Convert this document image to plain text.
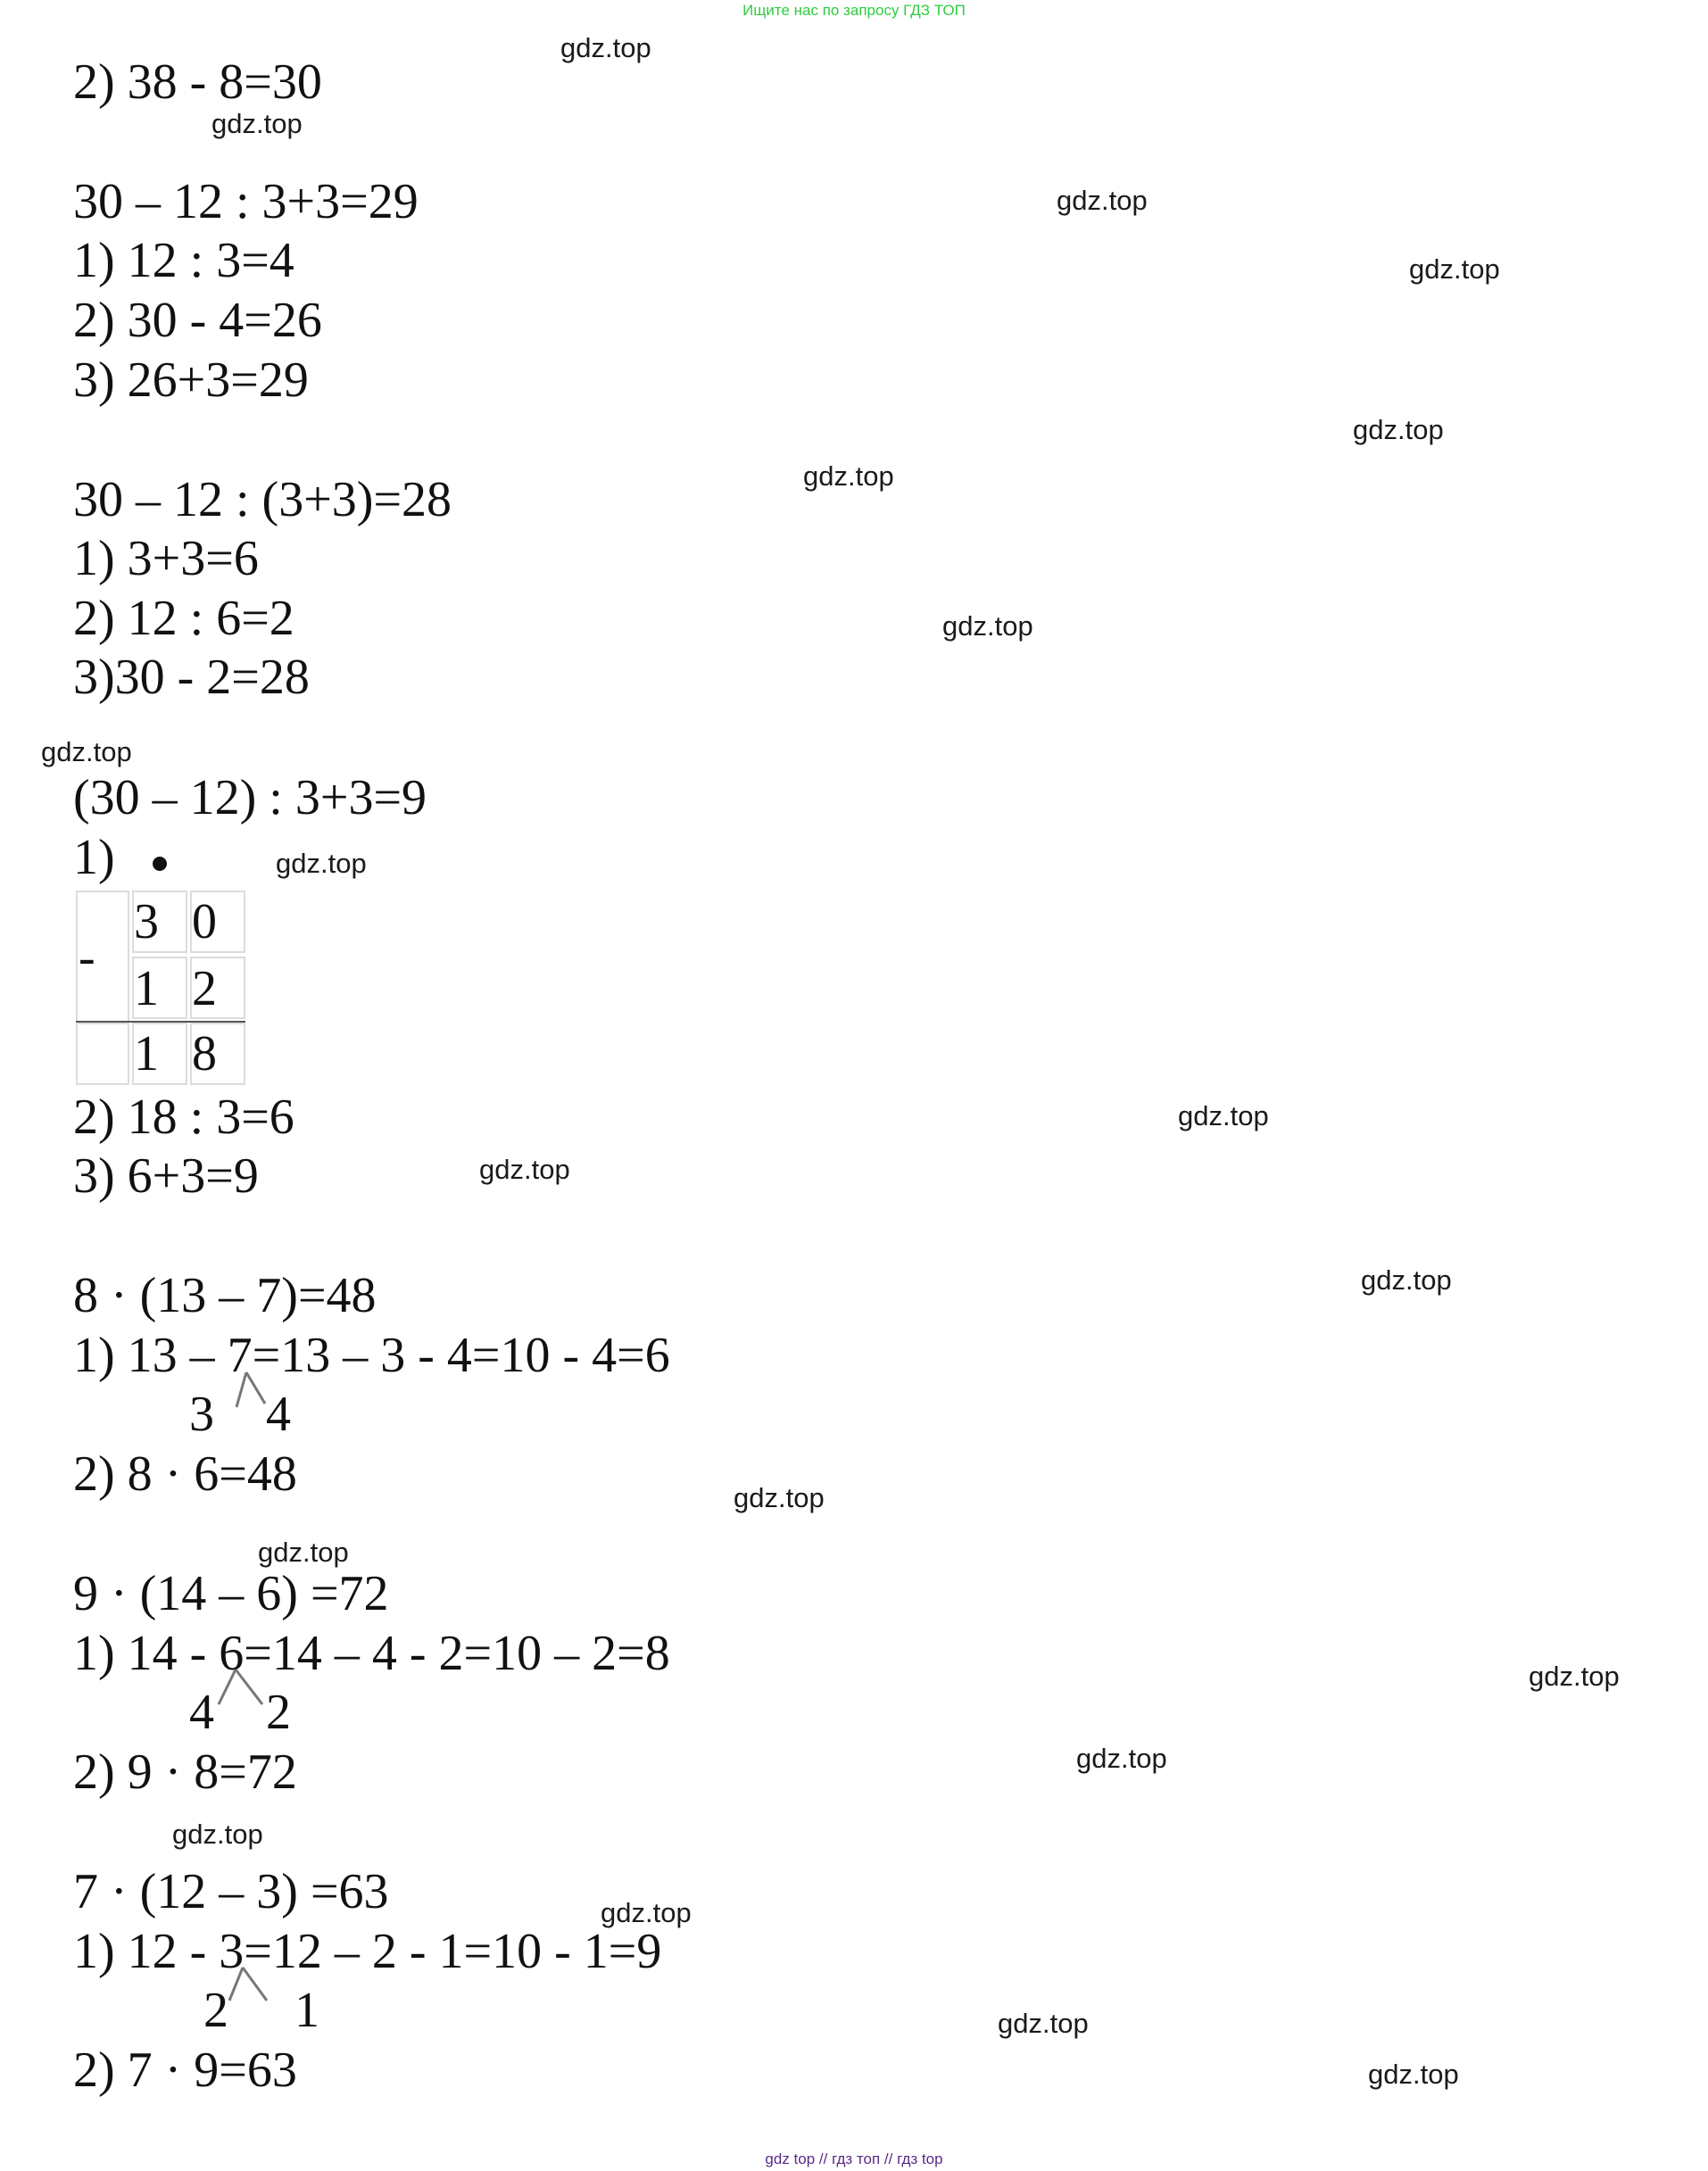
Ищите нас по запросу ГДЗ ТОП
2) 38 - 8=30
30 – 12 : 3+3=29
1) 12 : 3=4
2) 30 - 4=26
3) 26+3=29
30 – 12 : (3+3)=28
1) 3+3=6
2) 12 : 6=2
3)30 - 2=28
(30 – 12) : 3+3=9
1)
-
3 0
1 2
1 8
2) 18 : 3=6
3) 6+3=9
8 · (13 – 7)=48
1) 13 – 7=13 – 3 - 4=10 - 4=6
3 4
2) 8 · 6=48
9 · (14 – 6) =72
1) 14 - 6=14 – 4 - 2=10 – 2=8
4 2
2) 9 · 8=72
7 · (12 – 3) =63
1) 12 - 3=12 – 2 - 1=10 - 1=9
2 1
2) 7 · 9=63
gdz.top
gdz.top
gdz.top
gdz.top
gdz.top
gdz.top
gdz.top
gdz.top
gdz.top
gdz.top
gdz.top
gdz.top
gdz.top
gdz.top
gdz.top
gdz.top
gdz.top
gdz.top
gdz.top
gdz.top
gdz top // гдз топ // гдз top
